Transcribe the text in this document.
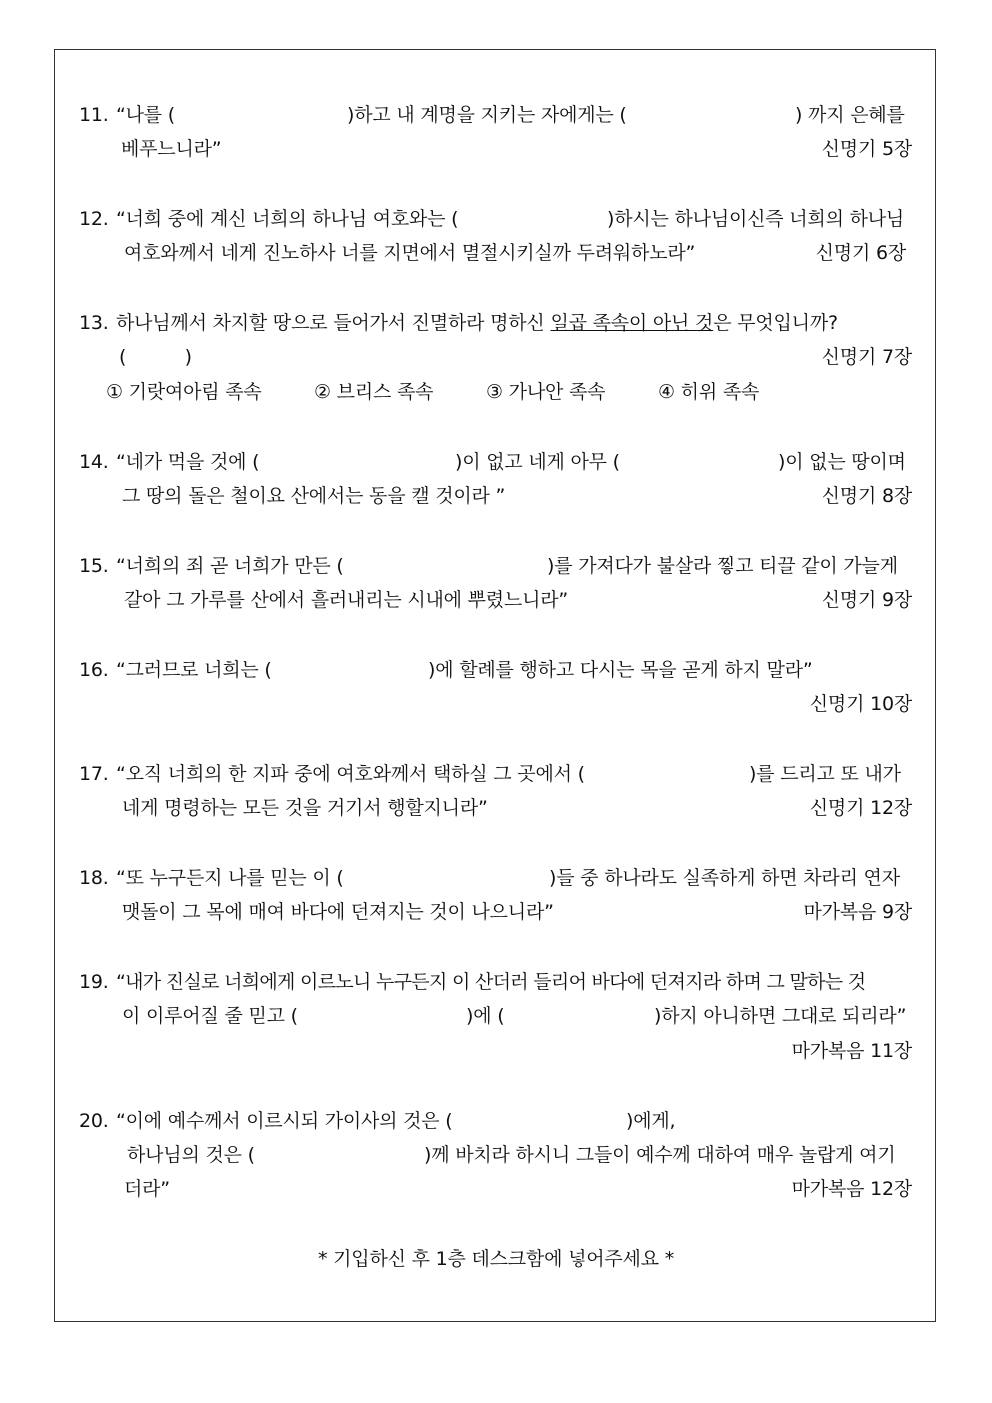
11. “나를 (	)하고 내 계명을 지키는 자에게는 (	) 까지 은혜를
베푸느니라”	신명기 5장
12. “너희 중에 계신 너희의 하나님 여호와는 (	)하시는 하나님이신즉 너희의 하나님
여호와께서 네게 진노하사 너를 지면에서 멸절시키실까 두려워하노라”	신명기 6장
13. 하나님께서 차지할 땅으로 들어가서 진멸하라 명하신 일곱 족속이 아닌 것은 무엇입니까?
(          )	신명기 7장
① 기랏여아림 족속	② 브리스 족속	③ 가나안 족속	④ 히위 족속
14. “네가 먹을 것에 (	)이 없고 네게 아무 (	)이 없는 땅이며
그 땅의 돌은 철이요 산에서는 동을 캘 것이라 ”	신명기 8장
15. “너희의 죄 곧 너희가 만든 (	)를 가져다가 불살라 찧고 티끌 같이 가늘게
갈아 그 가루를 산에서 흘러내리는 시내에 뿌렸느니라”	신명기 9장
16. “그러므로 너희는 (	)에 할례를 행하고 다시는 목을 곧게 하지 말라”
신명기 10장
17. “오직 너희의 한 지파 중에 여호와께서 택하실 그 곳에서 (	)를 드리고 또 내가
네게 명령하는 모든 것을 거기서 행할지니라”	신명기 12장
18. “또 누구든지 나를 믿는 이 (	)들 중 하나라도 실족하게 하면 차라리 연자
맷돌이 그 목에 매여 바다에 던져지는 것이 나으니라”	마가복음 9장
19. “내가 진실로 너희에게 이르노니 누구든지 이 산더러 들리어 바다에 던져지라 하며 그 말하는 것
이 이루어질 줄 믿고 (	)에 (	)하지 아니하면 그대로 되리라”
마가복음 11장
20. “이에 예수께서 이르시되 가이사의 것은 (	)에게,
하나님의 것은 (	)께 바치라 하시니 그들이 예수께 대하여 매우 놀랍게 여기
더라”	마가복음 12장
* 기입하신 후 1층 데스크함에 넣어주세요 *
